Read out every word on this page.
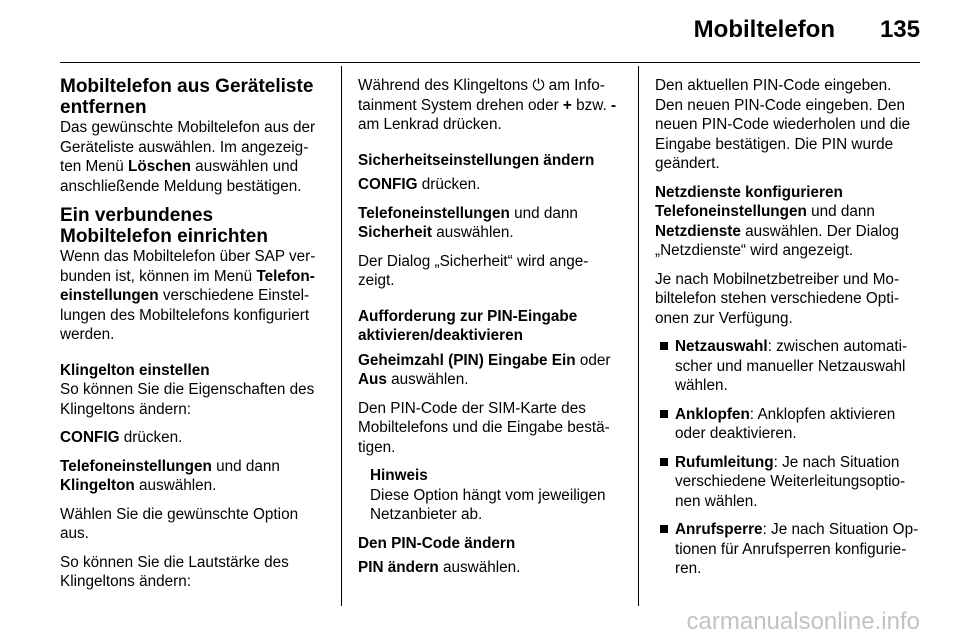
Mobiltelefon 135
Mobiltelefon aus Geräteliste entfernen

Das gewünschte Mobiltelefon aus der Geräteliste auswählen. Im angezeig-ten Menü Löschen auswählen und anschließende Meldung bestätigen.

Ein verbundenes Mobiltelefon einrichten

Wenn das Mobiltelefon über SAP ver-bunden ist, können im Menü Telefon-einstellungen verschiedene Einstel-lungen des Mobiltelefons konfiguriert werden.

Klingelton einstellen

So können Sie die Eigenschaften des Klingeltons ändern:

CONFIG drücken.

Telefoneinstellungen und dann Klingelton auswählen.

Wählen Sie die gewünschte Option aus.

So können Sie die Lautstärke des Klingeltons ändern:

Während des Klingeltons ⏻ am Info-tainment System drehen oder + bzw. - am Lenkrad drücken.

Sicherheitseinstellungen ändern

CONFIG drücken.

Telefoneinstellungen und dann Sicherheit auswählen.

Der Dialog „Sicherheit“ wird ange-zeigt.

Aufforderung zur PIN-Eingabe aktivieren/deaktivieren

Geheimzahl (PIN) Eingabe Ein oder Aus auswählen.

Den PIN-Code der SIM-Karte des Mobiltelefons und die Eingabe bestä-tigen.

Hinweis
Diese Option hängt vom jeweiligen Netzanbieter ab.
Den PIN-Code ändern

PIN ändern auswählen.

Den aktuellen PIN-Code eingeben. Den neuen PIN-Code eingeben. Den neuen PIN-Code wiederholen und die Eingabe bestätigen. Die PIN wurde geändert.

Netzdienste konfigurieren

Telefoneinstellungen und dann
Netzdienste auswählen. Der Dialog „Netzdienste“ wird angezeigt.

Je nach Mobilnetzbetreiber und Mo-biltelefon stehen verschiedene Opti-onen zur Verfügung.

Netzauswahl: zwischen automati-scher und manueller Netzauswahl wählen.
Anklopfen: Anklopfen aktivieren oder deaktivieren.
Rufumleitung: Je nach Situation verschiedene Weiterleitungsoptio-nen wählen.
Anrufsperre: Je nach Situation Op-tionen für Anrufsperren konfigurie-ren.
carmanualsonline.info
